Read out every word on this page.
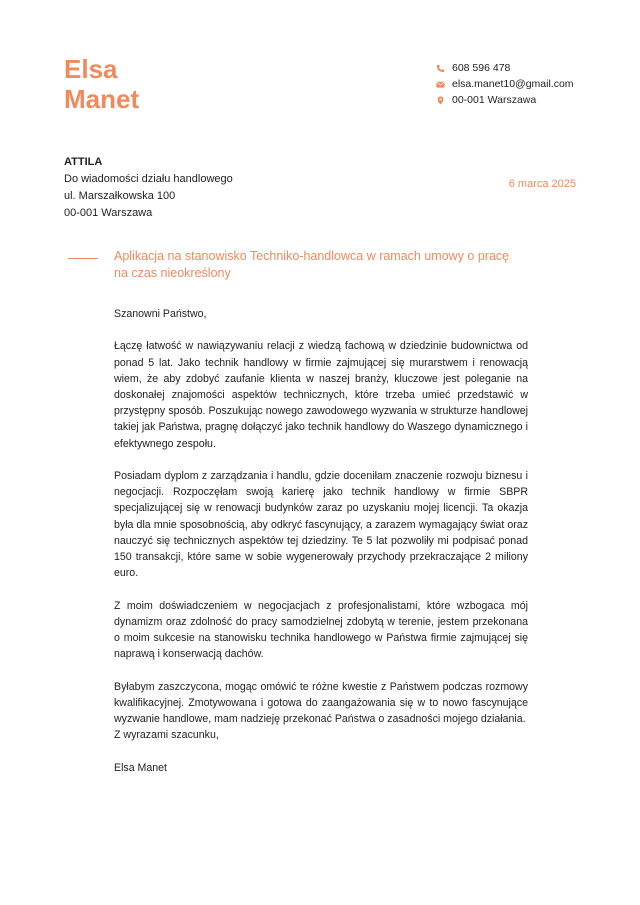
Elsa
Manet
608 596 478
elsa.manet10@gmail.com
00-001 Warszawa
ATTILA
Do wiadomości działu handlowego
ul. Marszałkowska 100
00-001 Warszawa
6 marca 2025
Aplikacja na stanowisko Techniko-handlowca w ramach umowy o pracę na czas nieokreślony

Szanowni Państwo,

Łączę łatwość w nawiązywaniu relacji z wiedzą fachową w dziedzinie budownictwa od ponad 5 lat. Jako technik handlowy w firmie zajmującej się murarstwem i renowacją wiem, że aby zdobyć zaufanie klienta w naszej branży, kluczowe jest poleganie na doskonałej znajomości aspektów technicznych, które trzeba umieć przedstawić w przystępny sposób. Poszukując nowego zawodowego wyzwania w strukturze handlowej takiej jak Państwa, pragnę dołączyć jako technik handlowy do Waszego dynamicznego i efektywnego zespołu.

Posiadam dyplom z zarządzania i handlu, gdzie doceniłam znaczenie rozwoju biznesu i negocjacji. Rozpoczęłam swoją karierę jako technik handlowy w firmie SBPR specjalizującej się w renowacji budynków zaraz po uzyskaniu mojej licencji. Ta okazja była dla mnie sposobnością, aby odkryć fascynujący, a zarazem wymagający świat oraz nauczyć się technicznych aspektów tej dziedziny. Te 5 lat pozwoliły mi podpisać ponad 150 transakcji, które same w sobie wygenerowały przychody przekraczające 2 miliony euro.

Z moim doświadczeniem w negocjacjach z profesjonalistami, które wzbogaca mój dynamizm oraz zdolność do pracy samodzielnej zdobytą w terenie, jestem przekonana o moim sukcesie na stanowisku technika handlowego w Państwa firmie zajmującej się naprawą i konserwacją dachów.

Byłabym zaszczycona, mogąc omówić te różne kwestie z Państwem podczas rozmowy kwalifikacyjnej. Zmotywowana i gotowa do zaangażowania się w to nowo fascynujące wyzwanie handlowe, mam nadzieję przekonać Państwa o zasadności mojego działania.

Z wyrazami szacunku,

Elsa Manet
